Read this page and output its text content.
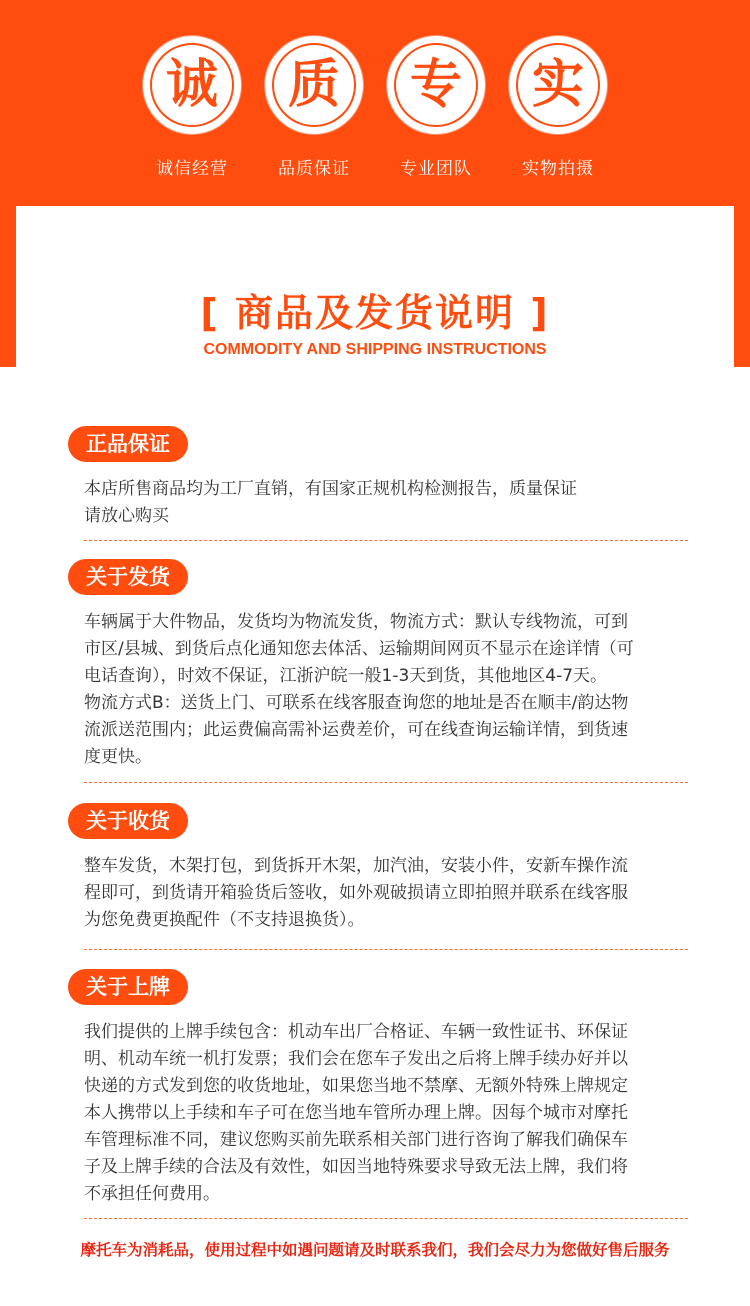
诚
诚信经营
质
品质保证
专
专业团队
实
实物拍摄
[ 商品及发货说明 ]
COMMODITY AND SHIPPING INSTRUCTIONS
正品保证
本店所售商品均为工厂直销，有国家正规机构检测报告，质量保证
请放心购买
关于发货
车辆属于大件物品，发货均为物流发货，物流方式：默认专线物流，可到
市区/县城、到货后点化通知您去体活、运输期间网页不显示在途详情（可
电话查询），时效不保证，江浙沪皖一般1-3天到货，其他地区4-7天。
物流方式B：送货上门、可联系在线客服查询您的地址是否在顺丰/韵达物
流派送范围内；此运费偏高需补运费差价，可在线查询运输详情，到货速
度更快。
关于收货
整车发货，木架打包，到货拆开木架，加汽油，安装小件，安新车操作流
程即可，到货请开箱验货后签收，如外观破损请立即拍照并联系在线客服
为您免费更换配件（不支持退换货）。
关于上牌
我们提供的上牌手续包含：机动车出厂合格证、车辆一致性证书、环保证
明、机动车统一机打发票；我们会在您车子发出之后将上牌手续办好并以
快递的方式发到您的收货地址，如果您当地不禁摩、无额外特殊上牌规定
本人携带以上手续和车子可在您当地车管所办理上牌。因每个城市对摩托
车管理标准不同，建议您购买前先联系相关部门进行咨询了解我们确保车
子及上牌手续的合法及有效性，如因当地特殊要求导致无法上牌，我们将
不承担任何费用。
摩托车为消耗品，使用过程中如遇问题请及时联系我们，我们会尽力为您做好售后服务
